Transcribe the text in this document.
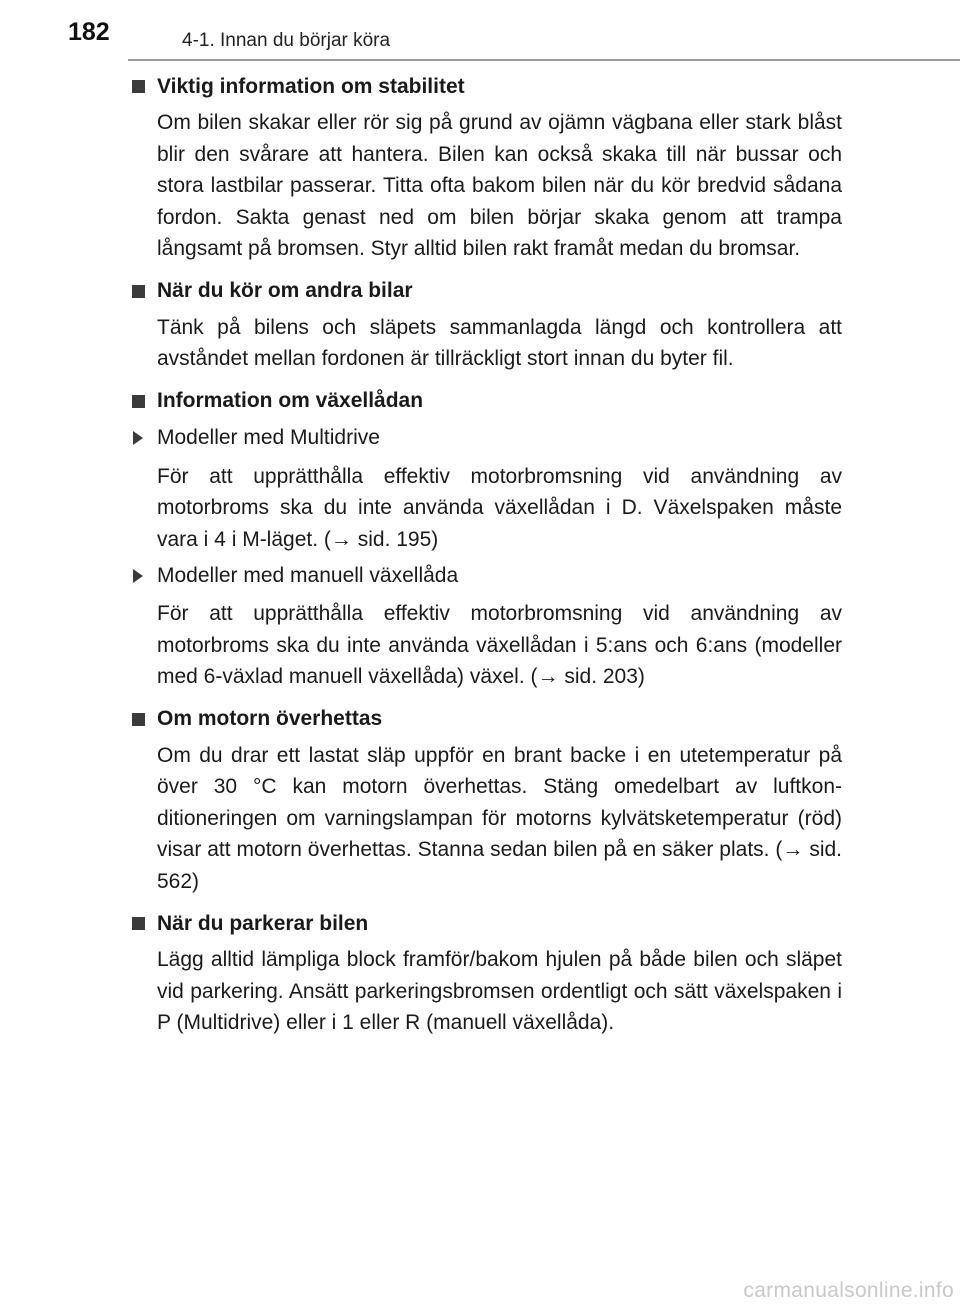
182	4-1. Innan du börjar köra
Viktig information om stabilitet

Om bilen skakar eller rör sig på grund av ojämn vägbana eller stark blåst blir den svårare att hantera. Bilen kan också skaka till när bussar och stora lastbilar passerar. Titta ofta bakom bilen när du kör bredvid sådana fordon. Sakta genast ned om bilen börjar skaka genom att trampa långsamt på bromsen. Styr alltid bilen rakt framåt medan du bromsar.

När du kör om andra bilar

Tänk på bilens och släpets sammanlagda längd och kontrollera att avståndet mellan fordonen är tillräckligt stort innan du byter fil.

Information om växellådan
Modeller med Multidrive

För att upprätthålla effektiv motorbromsning vid användning av motorbroms ska du inte använda växellådan i D. Växelspaken måste vara i 4 i M-läget. (→ sid. 195)

Modeller med manuell växellåda

För att upprätthålla effektiv motorbromsning vid användning av motorbroms ska du inte använda växellådan i 5:ans och 6:ans (modeller med 6-växlad manuell växellåda) växel. (→ sid. 203)

Om motorn överhettas

Om du drar ett lastat släp uppför en brant backe i en utetemperatur på över 30 °C kan motorn överhettas. Stäng omedelbart av luftkonditioneringen om varningslampan för motorns kylvätsketemperatur (röd) visar att motorn överhettas. Stanna sedan bilen på en säker plats. (→ sid. 562)

När du parkerar bilen

Lägg alltid lämpliga block framför/bakom hjulen på både bilen och släpet vid parkering. Ansätt parkeringsbromsen ordentligt och sätt växelspaken i P (Multidrive) eller i 1 eller R (manuell växellåda).

carmanualsonline.info
